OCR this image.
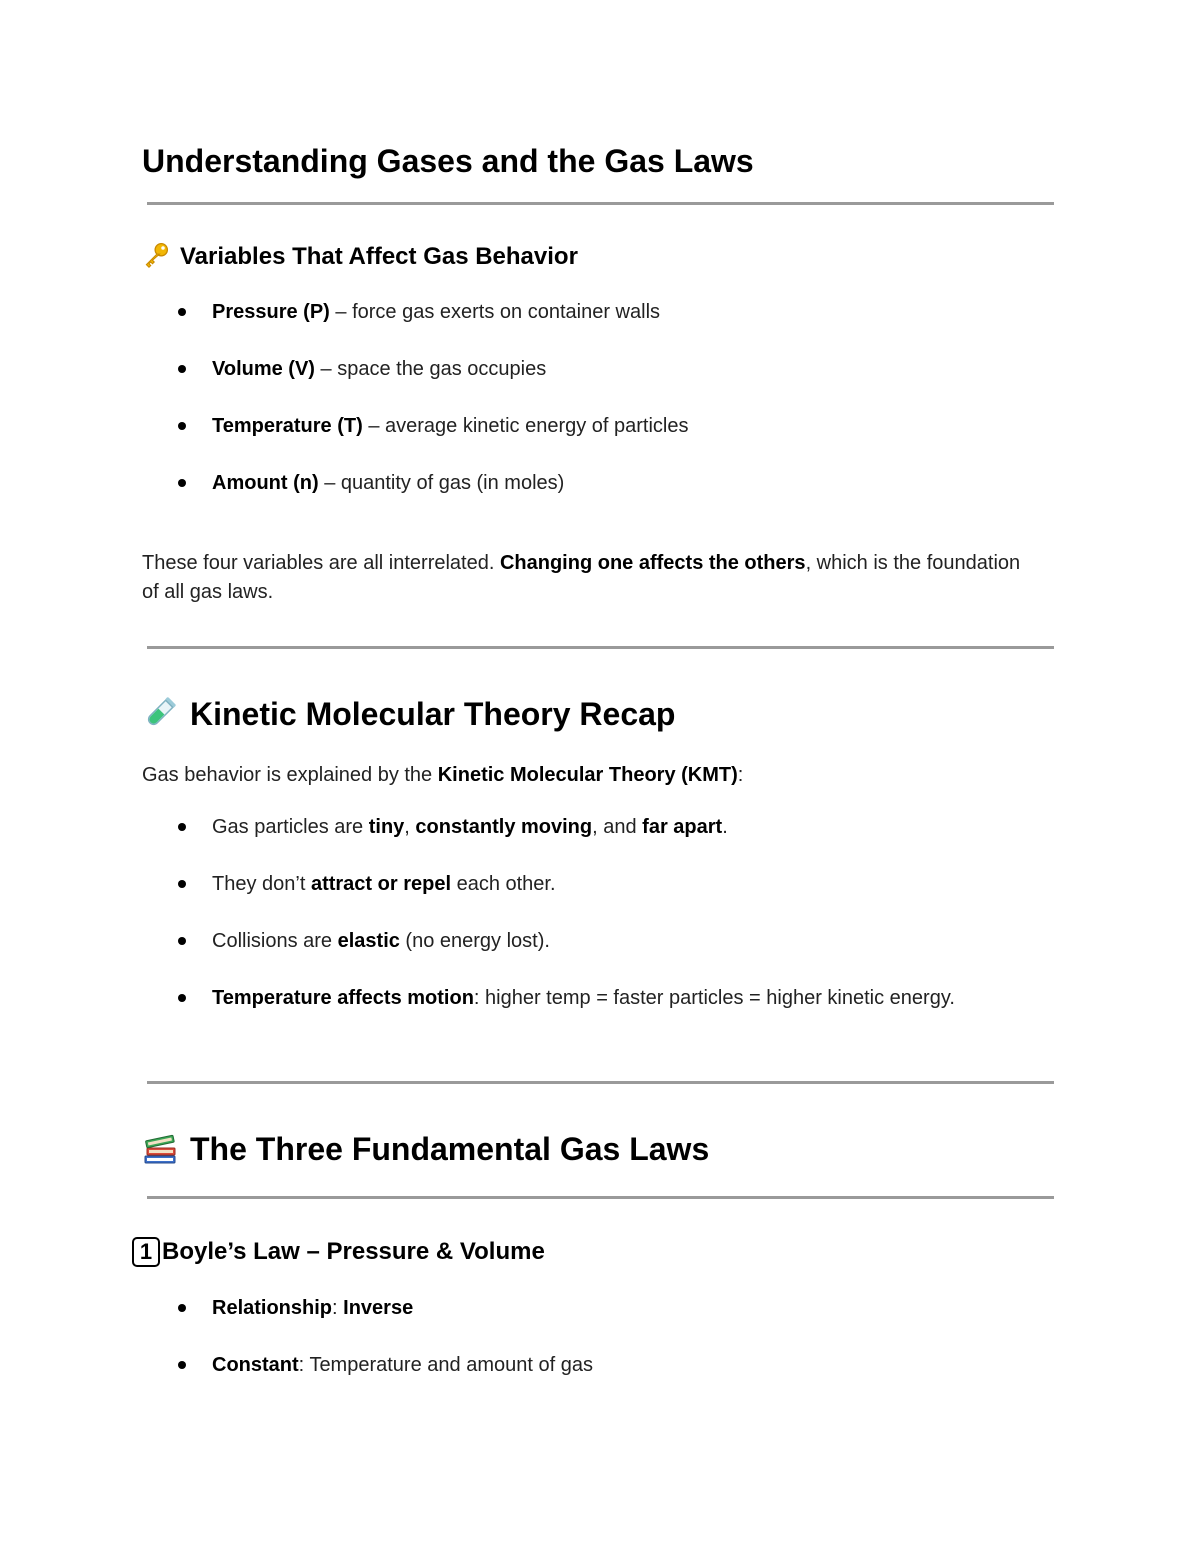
Understanding Gases and the Gas Laws
Variables That Affect Gas Behavior
Pressure (P) – force gas exerts on container walls
Volume (V) – space the gas occupies
Temperature (T) – average kinetic energy of particles
Amount (n) – quantity of gas (in moles)

These four variables are all interrelated. Changing one affects the others, which is the foundation of all gas laws.

Kinetic Molecular Theory Recap

Gas behavior is explained by the Kinetic Molecular Theory (KMT):

Gas particles are tiny, constantly moving, and far apart.
They don’t attract or repel each other.
Collisions are elastic (no energy lost).
Temperature affects motion: higher temp = faster particles = higher kinetic energy.
The Three Fundamental Gas Laws
1 Boyle’s Law – Pressure & Volume
Relationship: Inverse
Constant: Temperature and amount of gas
